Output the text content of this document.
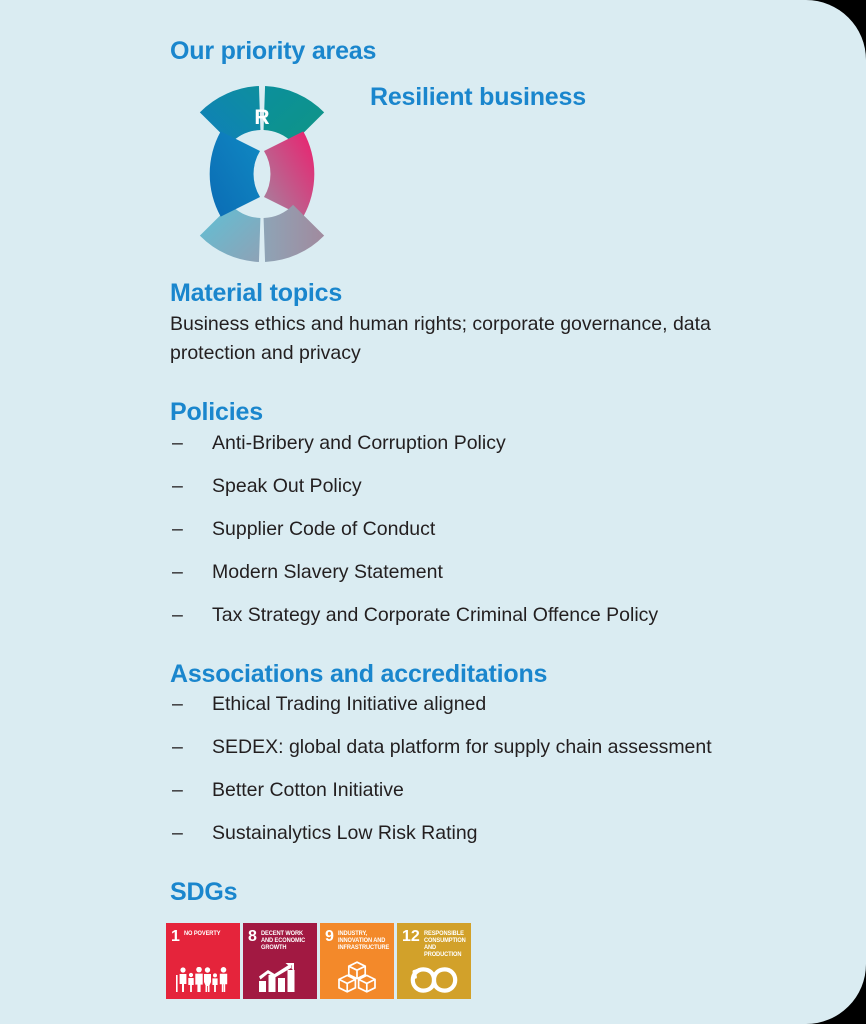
Our priority areas
Resilient business
R
Material topics
Business ethics and human rights; corporate governance, data protection and privacy
Policies
– Anti-Bribery and Corruption Policy
– Speak Out Policy
– Supplier Code of Conduct
– Modern Slavery Statement
– Tax Strategy and Corporate Criminal Offence Policy
Associations and accreditations
– Ethical Trading Initiative aligned
– SEDEX: global data platform for supply chain assessment
– Better Cotton Initiative
– Sustainalytics Low Risk Rating
SDGs
1 NO POVERTY 8 DECENT WORK AND ECONOMIC GROWTH
9 INDUSTRY, INNOVATION AND INFRASTRUCTURE
12 RESPONSIBLE CONSUMPTION AND PRODUCTION
